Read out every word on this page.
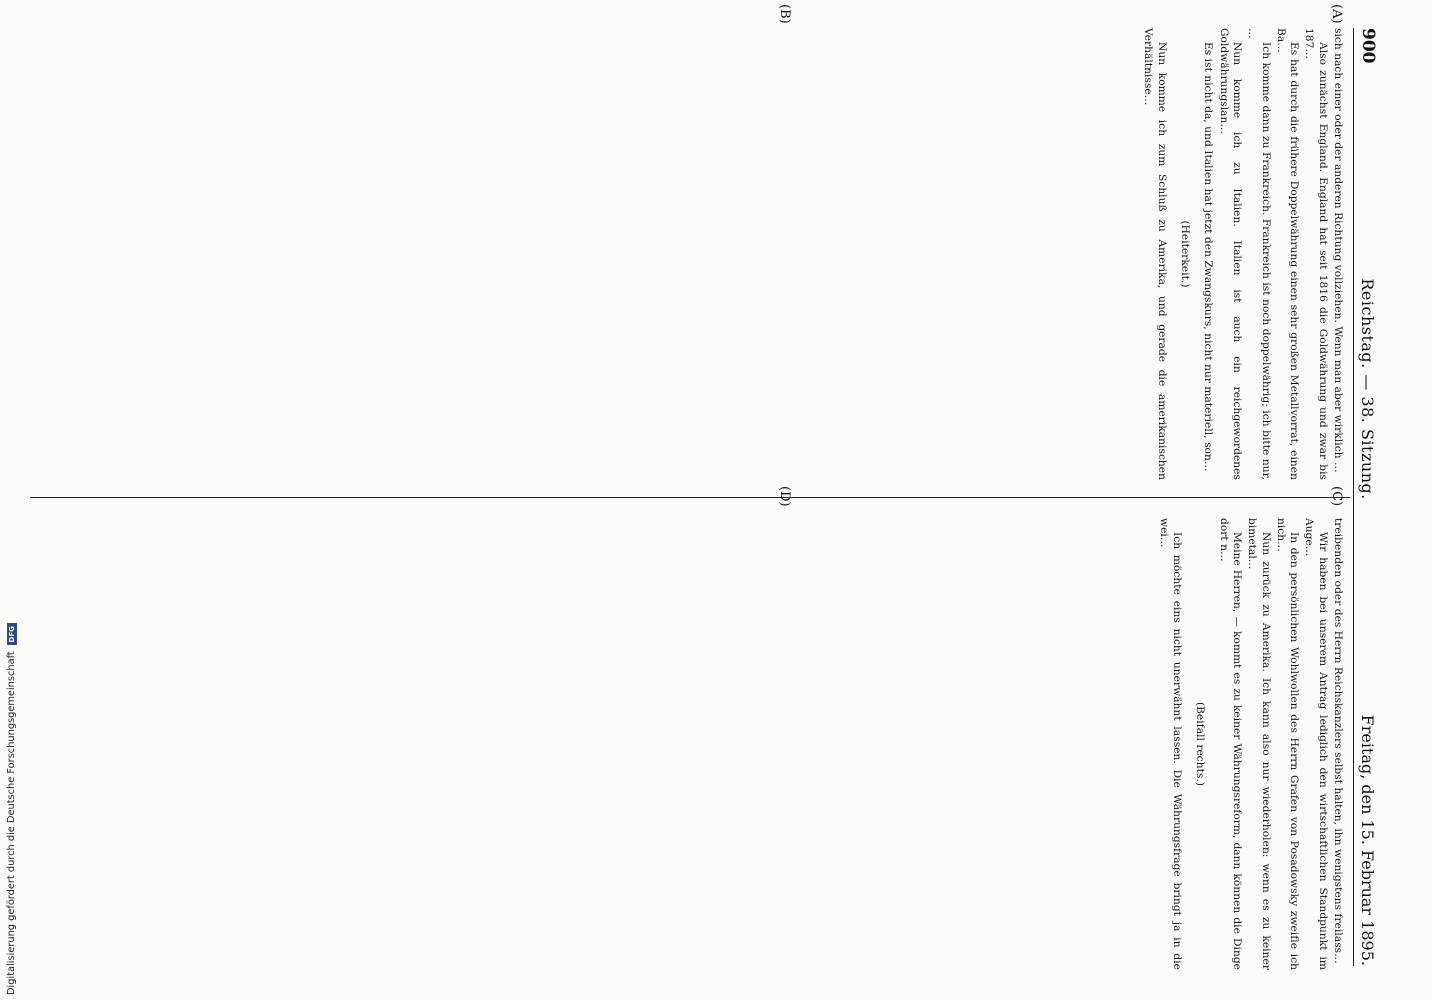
900
Reichstag. — 38. Sitzung.
Freitag, den 15. Februar 1895.
(A)
(B)

sich nach einer oder der anderen Richtung vollziehen. Wenn man aber wirklich …

Also zunächst England. England hat seit 1816 die Goldwährung und zwar bis 187…

Es hat durch die frühere Doppelwährung einen sehr großen Metallvorrat, einen Ba…

Ich komme dann zu Frankreich. Frankreich ist noch doppelwährig; ich bitte nur, …

Nun komme ich zu Italien. Italien ist auch ein reichgewordenes Goldwährungslan…

Es ist nicht da, und Italien hat jetzt den Zwangskurs, nicht nur materiell, son…

(Heiterkeit.)

Nun komme ich zum Schluß zu Amerika, und gerade die amerikanischen Verhältnisse…

treibenden oder des Herrn Reichskanzlers selbst halten, ihn wenigstens freilass…

Wir haben bei unserem Antrag lediglich den wirtschaftlichen Standpunkt im Auge…

In den persönlichen Wohlwollen des Herrn Grafen von Posadowsky zweifle ich nich…

Nun zurück zu Amerika. Ich kann also nur wiederholen: wenn es zu keiner bimetal…

Meine Herren, — kommt es zu keiner Währungsreform, dann können die Dinge dort n…

(Beifall rechts.)

Ich möchte eins nicht unerwähnt lassen. Die Währungsfrage bringt ja in die wei…

Digitalisierung gefördert durch die Deutsche Forschungsgemeinschaft
DFG
